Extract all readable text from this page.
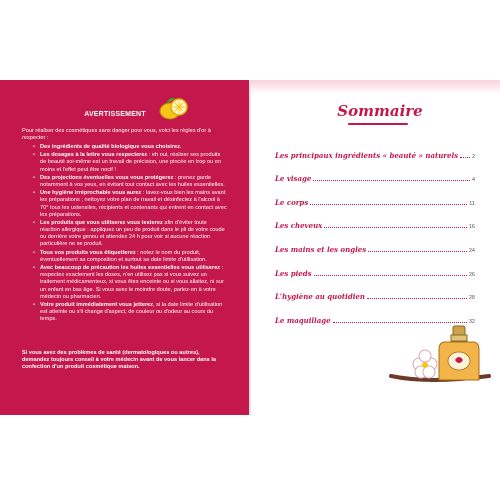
AVERTISSEMENT
Pour réaliser des cosmétiques sans danger pour vous, voici les règles d'or à respecter :
• Des ingrédients de qualité biologique vous choisirez.
• Les dosages à la lettre vous respecterez : eh oui, réaliser ses produits de beauté soi-même est un travail de précision, une pincée en trop ou en moins et l'effet peut être nocif !
• Des projections éventuelles vous vous protégerez : prenez garde notamment à vos yeux, en évitant tout contact avec les huiles essentielles.
• Une hygiène irréprochable vous aurez : lavez-vous bien les mains avant les préparations ; nettoyez votre plan de travail et désinfectez à l'alcool à 70° tous les ustensiles, récipients et contenants qui entrent en contact avec les préparations.
• Les produits que vous utiliserez vous testerez afin d'éviter toute réaction allergique : appliquez un peu de produit dans le pli de votre coude ou derrière votre genou et attendez 24 h pour voir si aucune réaction particulière ne se produit.
• Tous vos produits vous étiquetterez : notez le nom du produit, éventuellement sa composition et surtout sa date limite d'utilisation.
• Avec beaucoup de précaution les huiles essentielles vous utiliserez : respectez exactement les doses, n'en utilisez pas si vous suivez un traitement médicamenteux, si vous êtes enceinte ou si vous allaitez, ni sur un enfant en bas âge. Si vous avez le moindre doute, parlez-en à votre médecin ou pharmacien.
• Votre produit immédiatement vous jetterez, si la date limite d'utilisation est atteinte ou s'il change d'aspect, de couleur ou d'odeur au cours du temps.
Si vous avez des problèmes de santé (dermatologiques ou autres), demandez toujours conseil à votre médecin avant de vous lancer dans la confection d'un produit cosmétique maison.
Sommaire
Les principaux ingrédients « beauté » naturels	2
Le visage	4
Le corps	11
Les cheveux	16
Les mains et les ongles	24
Les pieds	26
L'hygiène au quotidien	28
Le maquillage	32
